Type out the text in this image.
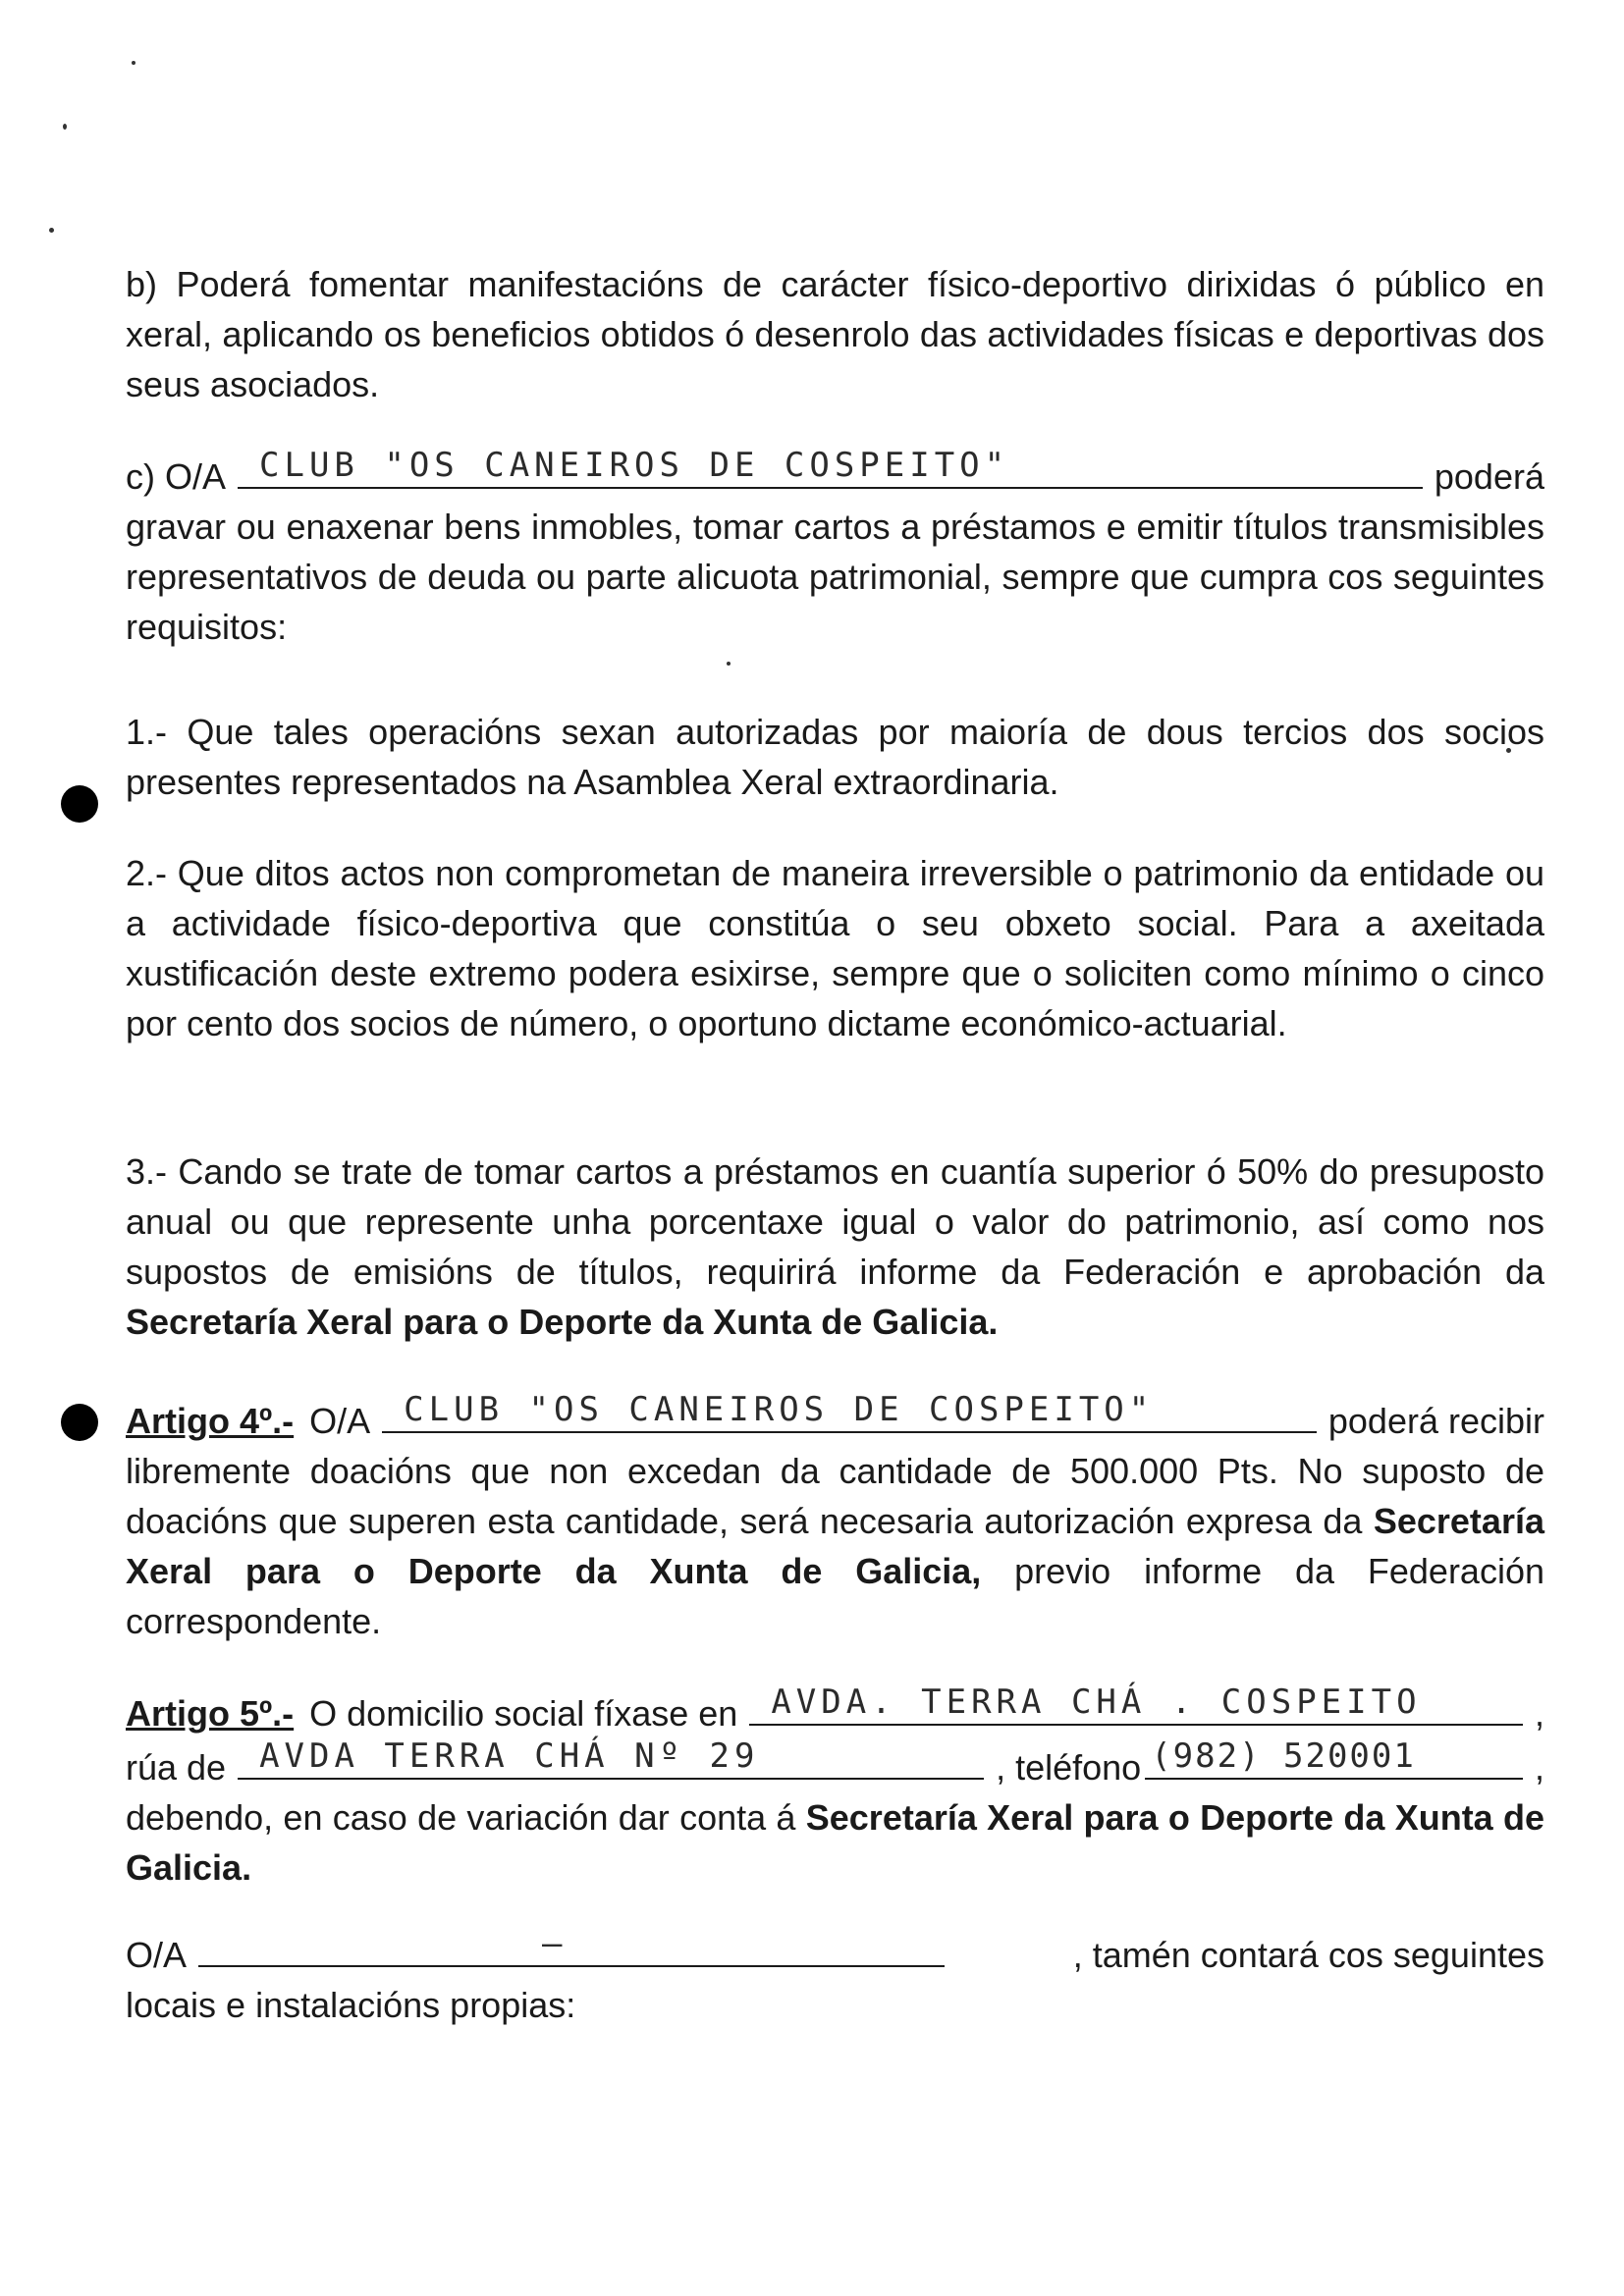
b) Poderá fomentar manifestacións de carácter físico-deportivo dirixidas ó público en xeral, aplicando os beneficios obtidos ó desenrolo das actividades físicas e deportivas dos seus asociados.
c) O/A CLUB "OS CANEIROS DE COSPEITO"	poderá
gravar ou enaxenar bens inmobles, tomar cartos a préstamos e emitir títulos transmisibles representativos de deuda ou parte alicuota patrimonial, sempre que cumpra cos seguintes requisitos:
1.- Que tales operacións sexan autorizadas por maioría de dous tercios dos socios presentes representados na Asamblea Xeral extraordinaria.
2.- Que ditos actos non comprometan de maneira irreversible o patrimonio da entidade ou a actividade físico-deportiva que constitúa o seu obxeto social. Para a axeitada xustificación deste extremo podera esixirse, sempre que o soliciten como mínimo o cinco por cento dos socios de número, o oportuno dictame económico-actuarial.
3.- Cando se trate de tomar cartos a préstamos en cuantía superior ó 50% do presuposto anual ou que represente unha porcentaxe igual o valor do patrimonio, así como nos supostos de emisións de títulos, requirirá informe da Federación e aprobación da Secretaría Xeral para o Deporte da Xunta de Galicia.
Artigo 4º.- O/A CLUB "OS CANEIROS DE COSPEITO"	poderá recibir
libremente doacións que non excedan da cantidade de 500.000 Pts. No suposto de doacións que superen esta cantidade, será necesaria autorización expresa da Secretaría Xeral para o Deporte da Xunta de Galicia, previo informe da Federación correspondente.
Artigo 5º.- O domicilio social fíxase en AVDA. TERRA CHÁ . COSPEITO	,
rúa de AVDA TERRA CHÁ Nº 29	, teléfono (982) 520001	,
debendo, en caso de variación dar conta á Secretaría Xeral para o Deporte da Xunta de Galicia.
O/A	—	, tamén contará cos seguintes
locais e instalacións propias:
